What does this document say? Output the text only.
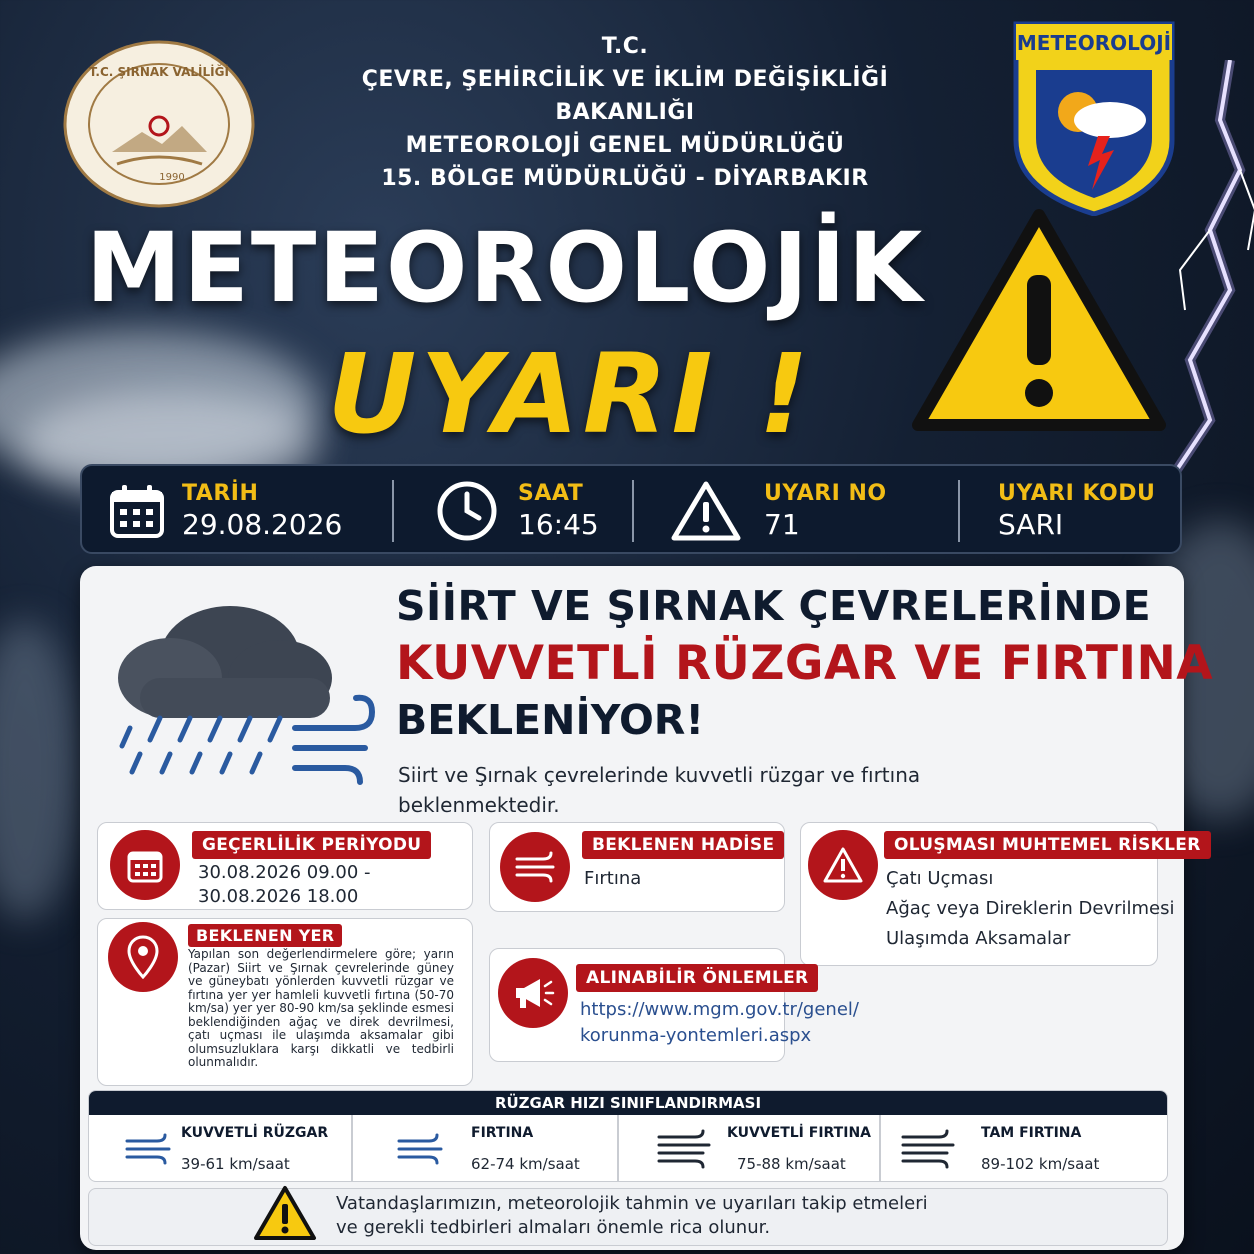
T.C. ŞIRNAK VALİLİĞİ
1990
T.C.
ÇEVRE, ŞEHİRCİLİK VE İKLİM DEĞİŞİKLİĞİ BAKANLIĞI
METEOROLOJİ GENEL MÜDÜRLÜĞÜ
15. BÖLGE MÜDÜRLÜĞÜ - DİYARBAKIR
METEOROLOJİ
METEOROLOJİK
UYARI !
TARİH
29.08.2026
SAAT
16:45
UYARI NO
71
UYARI KODU
SARI
SİİRT VE ŞIRNAK ÇEVRELERİNDE
KUVVETLİ RÜZGAR VE FIRTINA
BEKLENİYOR!
Siirt ve Şırnak çevrelerinde kuvvetli rüzgar ve fırtına beklenmektedir.
GEÇERLİLİK PERİYODU
30.08.2026 09.00 -
30.08.2026 18.00
BEKLENEN HADİSE
Fırtına
OLUŞMASI MUHTEMEL RİSKLER
Çatı Uçması
Ağaç veya Direklerin Devrilmesi
Ulaşımda Aksamalar
BEKLENEN YER
Yapılan son değerlendirmelere göre; yarın (Pazar) Siirt ve Şırnak çevrelerinde güney ve güneybatı yönlerden kuvvetli rüzgar ve fırtına yer yer hamleli kuvvetli fırtına (50-70 km/sa) yer yer 80-90 km/sa şeklinde esmesi beklendiğinden ağaç ve direk devrilmesi, çatı uçması ile ulaşımda aksamalar gibi olumsuzluklara karşı dikkatli ve tedbirli olunmalıdır.
ALINABİLİR ÖNLEMLER
https://www.mgm.gov.tr/genel/
korunma-yontemleri.aspx
RÜZGAR HIZI SINIFLANDIRMASI
KUVVETLİ RÜZGAR
39-61 km/saat
FIRTINA
62-74 km/saat
KUVVETLİ FIRTINA
75-88 km/saat
TAM FIRTINA
89-102 km/saat
Vatandaşlarımızın, meteorolojik tahmin ve uyarıları takip etmeleri
ve gerekli tedbirleri almaları önemle rica olunur.
